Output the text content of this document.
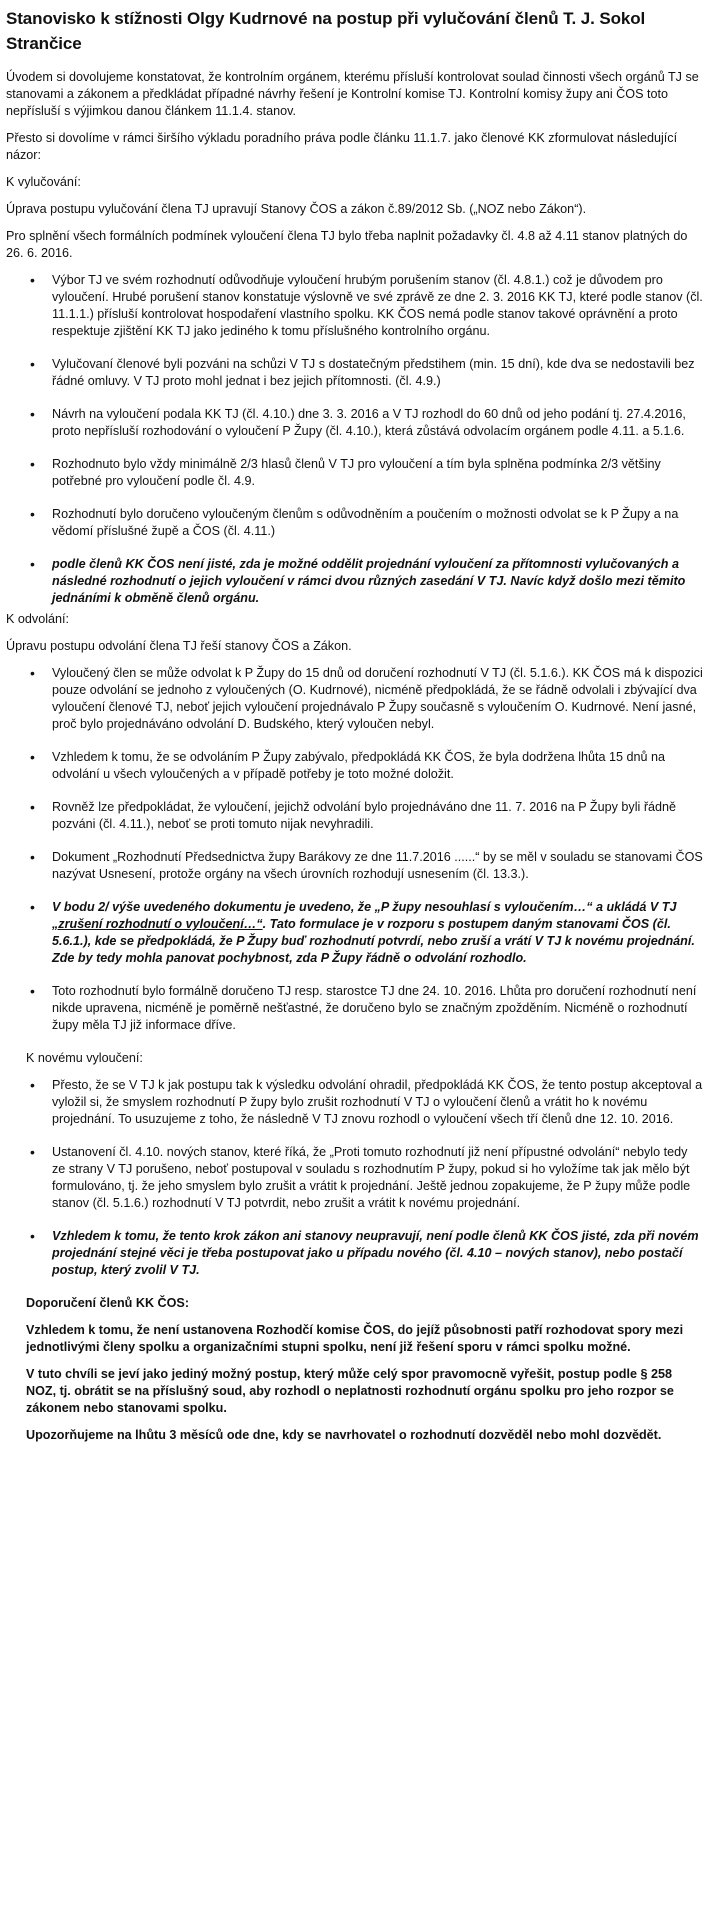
Stanovisko k stížnosti Olgy Kudrnové na postup při vylučování členů T. J. Sokol Strančice

Úvodem si dovolujeme konstatovat, že kontrolním orgánem, kterému přísluší kontrolovat soulad činnosti všech orgánů TJ se stanovami a zákonem a předkládat případné návrhy řešení je Kontrolní komise TJ. Kontrolní komisy župy ani ČOS toto nepřísluší s výjimkou danou článkem 11.1.4. stanov.

Přesto si dovolíme v rámci širšího výkladu poradního práva podle článku 11.1.7. jako členové KK zformulovat následující názor:

K vylučování:

Úprava postupu vylučování člena TJ upravují Stanovy ČOS a zákon č.89/2012 Sb. („NOZ nebo Zákon“).

Pro splnění všech formálních podmínek vyloučení člena TJ bylo třeba naplnit požadavky čl. 4.8 až 4.11 stanov platných do 26. 6. 2016.

• Výbor TJ ve svém rozhodnutí odůvodňuje vyloučení hrubým porušením stanov (čl. 4.8.1.) což je důvodem pro vyloučení. Hrubé porušení stanov konstatuje výslovně ve své zprávě ze dne 2. 3. 2016 KK TJ, které podle stanov (čl. 11.1.1.) přísluší kontrolovat hospodaření vlastního spolku. KK ČOS nemá podle stanov takové oprávnění a proto respektuje zjištění KK TJ jako jediného k tomu příslušného kontrolního orgánu.
• Vylučovaní členové byli pozváni na schůzi V TJ s dostatečným předstihem (min. 15 dní), kde dva se nedostavili bez řádné omluvy. V TJ proto mohl jednat i bez jejich přítomnosti. (čl. 4.9.)
• Návrh na vyloučení podala KK TJ (čl. 4.10.) dne 3. 3. 2016 a V TJ rozhodl do 60 dnů od jeho podání tj. 27.4.2016, proto nepřísluší rozhodování o vyloučení P Župy (čl. 4.10.), která zůstává odvolacím orgánem podle 4.11. a 5.1.6.
• Rozhodnuto bylo vždy minimálně 2/3 hlasů členů V TJ pro vyloučení a tím byla splněna podmínka 2/3 většiny potřebné pro vyloučení podle čl. 4.9.
• Rozhodnutí bylo doručeno vyloučeným členům s odůvodněním a poučením o možnosti odvolat se k P Župy a na vědomí příslušné župě a ČOS (čl. 4.11.)
• podle členů KK ČOS není jisté, zda je možné oddělit projednání vyloučení za přítomnosti vylučovaných a následné rozhodnutí o jejich vyloučení v rámci dvou různých zasedání V TJ. Navíc když došlo mezi těmito jednáními k obměně členů orgánu.

K odvolání:

Úpravu postupu odvolání člena TJ řeší stanovy ČOS a Zákon.

• Vyloučený člen se může odvolat k P Župy do 15 dnů od doručení rozhodnutí V TJ (čl. 5.1.6.). KK ČOS má k dispozici pouze odvolání se jednoho z vyloučených (O. Kudrnové), nicméně předpokládá, že se řádně odvolali i zbývající dva vyloučení členové TJ, neboť jejich vyloučení projednávalo P Župy současně s vyloučením O. Kudrnové. Není jasné, proč bylo projednáváno odvolání D. Budského, který vyloučen nebyl.
• Vzhledem k tomu, že se odvoláním P Župy zabývalo, předpokládá KK ČOS, že byla dodržena lhůta 15 dnů na odvolání u všech vyloučených a v případě potřeby je toto možné doložit.
• Rovněž lze předpokládat, že vyloučení, jejichž odvolání bylo projednáváno dne 11. 7. 2016 na P Župy byli řádně pozváni (čl. 4.11.), neboť se proti tomuto nijak nevyhradili.
• Dokument „Rozhodnutí Předsednictva župy Barákovy ze dne 11.7.2016 ......“ by se měl v souladu se stanovami ČOS nazývat Usnesení, protože orgány na všech úrovních rozhodují usnesením (čl. 13.3.).
• V bodu 2/ výše uvedeného dokumentu je uvedeno, že „P župy nesouhlasí s vyloučením…“ a ukládá V TJ „zrušení rozhodnutí o vyloučení…“. Tato formulace je v rozporu s postupem daným stanovami ČOS (čl. 5.6.1.), kde se předpokládá, že P Župy buď rozhodnutí potvrdí, nebo zruší a vrátí V TJ k novému projednání. Zde by tedy mohla panovat pochybnost, zda P Župy řádně o odvolání rozhodlo.
• Toto rozhodnutí bylo formálně doručeno TJ resp. starostce TJ dne 24. 10. 2016. Lhůta pro doručení rozhodnutí není nikde upravena, nicméně je poměrně nešťastné, že doručeno bylo se značným zpožděním. Nicméně o rozhodnutí župy měla TJ již informace dříve.

K novému vyloučení:

• Přesto, že se V TJ k jak postupu tak k výsledku odvolání ohradil, předpokládá KK ČOS, že tento postup akceptoval a vyložil si, že smyslem rozhodnutí P župy bylo zrušit rozhodnutí V TJ o vyloučení členů a vrátit ho k novému projednání. To usuzujeme z toho, že následně V TJ znovu rozhodl o vyloučení všech tří členů dne 12. 10. 2016.
• Ustanovení čl. 4.10. nových stanov, které říká, že „Proti tomuto rozhodnutí již není přípustné odvolání“ nebylo tedy ze strany V TJ porušeno, neboť postupoval v souladu s rozhodnutím P župy, pokud si ho vyložíme tak jak mělo být formulováno, tj. že jeho smyslem bylo zrušit a vrátit k projednání. Ještě jednou zopakujeme, že P župy může podle stanov (čl. 5.1.6.) rozhodnutí V TJ potvrdit, nebo zrušit a vrátit k novému projednání.
• Vzhledem k tomu, že tento krok zákon ani stanovy neupravují, není podle členů KK ČOS jisté, zda při novém projednání stejné věci je třeba postupovat jako u případu nového (čl. 4.10 – nových stanov), nebo postačí postup, který zvolil V TJ.

Doporučení členů KK ČOS:

Vzhledem k tomu, že není ustanovena Rozhodčí komise ČOS, do jejíž působnosti patří rozhodovat spory mezi jednotlivými členy spolku a organizačními stupni spolku, není již řešení sporu v rámci spolku možné.

V tuto chvíli se jeví jako jediný možný postup, který může celý spor pravomocně vyřešit, postup podle § 258 NOZ, tj. obrátit se na příslušný soud, aby rozhodl o neplatnosti rozhodnutí orgánu spolku pro jeho rozpor se zákonem nebo stanovami spolku.

Upozorňujeme na lhůtu 3 měsíců ode dne, kdy se navrhovatel o rozhodnutí dozvěděl nebo mohl dozvědět.
